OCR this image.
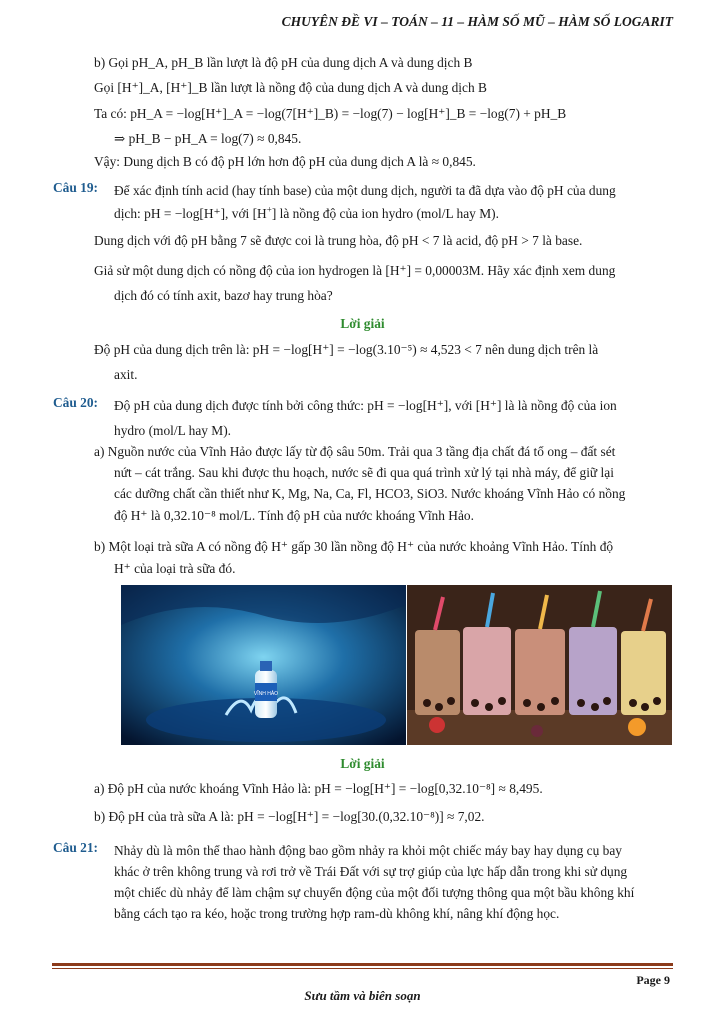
CHUYÊN ĐỀ VI – TOÁN – 11 – HÀM SỐ MŨ – HÀM SỐ LOGARIT
b) Gọi pH_A, pH_B lần lượt là độ pH của dung dịch A và dung dịch B
Gọi [H⁺]_A, [H⁺]_B lần lượt là nồng độ của dung dịch A và dung dịch B
Ta có: pH_A = −log[H⁺]_A = −log(7[H⁺]_B) = −log(7) − log[H⁺]_B = −log(7) + pH_B
⇒ pH_B − pH_A = log(7) ≈ 0,845.
Vậy: Dung dịch B có độ pH lớn hơn độ pH của dung dịch A là ≈ 0,845.
Câu 19: Để xác định tính acid (hay tính base) của một dung dịch, người ta đã dựa vào độ pH của dung
dịch: pH = −log[H⁺], với [H+] là nồng độ của ion hydro (mol/L hay M).
Dung dịch với độ pH bằng 7 sẽ được coi là trung hòa, độ pH < 7 là acid, độ pH > 7 là base.
Giả sử một dung dịch có nồng độ của ion hydrogen là [H⁺] = 0,00003M. Hãy xác định xem dung
dịch đó có tính axit, bazơ hay trung hòa?
Lời giải
Độ pH của dung dịch trên là: pH = −log[H⁺] = −log(3.10⁻⁵) ≈ 4,523 < 7 nên dung dịch trên là
axit.
Câu 20: Độ pH của dung dịch được tính bởi công thức: pH = −log[H⁺], với [H⁺] là là nồng độ của ion
hydro (mol/L hay M).
a) Nguồn nước của Vĩnh Hảo được lấy từ độ sâu 50m. Trải qua 3 tầng địa chất đá tổ ong – đất sét
nứt – cát trắng. Sau khi được thu hoạch, nước sẽ đi qua quá trình xử lý tại nhà máy, để giữ lại
các dưỡng chất cần thiết như K, Mg, Na, Ca, Fl, HCO3, SiO3. Nước khoáng Vĩnh Hảo có nồng
độ H⁺ là 0,32.10⁻⁸ mol/L. Tính độ pH của nước khoáng Vĩnh Hảo.
b) Một loại trà sữa A có nồng độ H⁺ gấp 30 lần nồng độ H⁺ của nước khoảng Vĩnh Hảo. Tính độ
H⁺ của loại trà sữa đó.
VĨNH HẢO
Lời giải
a) Độ pH của nước khoáng Vĩnh Hảo là: pH = −log[H⁺] = −log[0,32.10⁻⁸] ≈ 8,495.
b) Độ pH của trà sữa A là: pH = −log[H⁺] = −log[30.(0,32.10⁻⁸)] ≈ 7,02.
Câu 21: Nhảy dù là môn thể thao hành động bao gồm nhảy ra khỏi một chiếc máy bay hay dụng cụ bay
khác ở trên không trung và rơi trở về Trái Đất với sự trợ giúp của lực hấp dẫn trong khi sử dụng
một chiếc dù nhảy để làm chậm sự chuyển động của một đối tượng thông qua một bầu không khí
bằng cách tạo ra kéo, hoặc trong trường hợp ram-dù không khí, nâng khí động học.
Page 9
Sưu tầm và biên soạn
